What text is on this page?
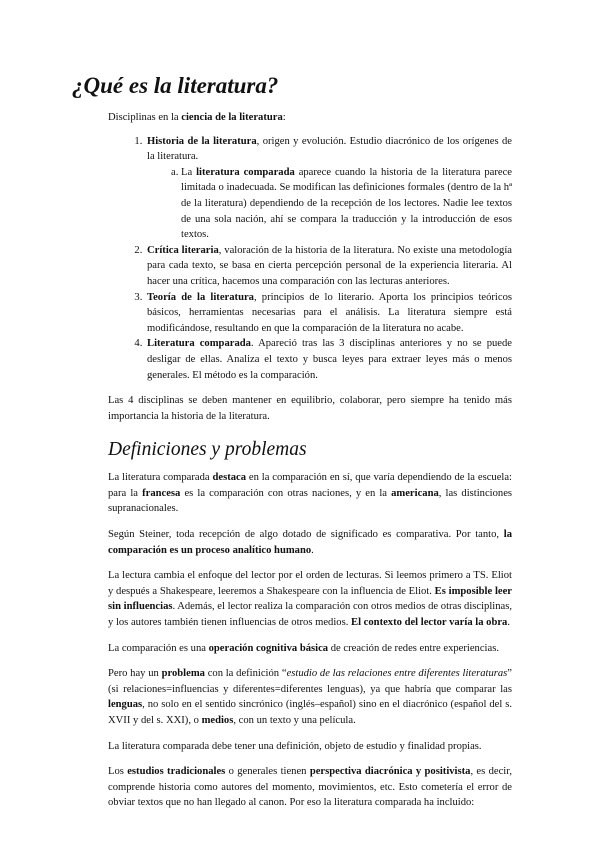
¿Qué es la literatura?

Disciplinas en la ciencia de la literatura:

1. Historia de la literatura, origen y evolución. Estudio diacrónico de los orígenes de la literatura.
a. La literatura comparada aparece cuando la historia de la literatura parece limitada o inadecuada. Se modifican las definiciones formales (dentro de la hª de la literatura) dependiendo de la recepción de los lectores. Nadie lee textos de una sola nación, ahí se compara la traducción y la introducción de esos textos.
2. Crítica literaria, valoración de la historia de la literatura. No existe una metodología para cada texto, se basa en cierta percepción personal de la experiencia literaria. Al hacer una crítica, hacemos una comparación con las lecturas anteriores.
3. Teoría de la literatura, principios de lo literario. Aporta los principios teóricos básicos, herramientas necesarias para el análisis. La literatura siempre está modificándose, resultando en que la comparación de la literatura no acabe.
4. Literatura comparada. Apareció tras las 3 disciplinas anteriores y no se puede desligar de ellas. Analiza el texto y busca leyes para extraer leyes más o menos generales. El método es la comparación.

Las 4 disciplinas se deben mantener en equilibrio, colaborar, pero siempre ha tenido más importancia la historia de la literatura.

Definiciones y problemas

La literatura comparada destaca en la comparación en sí, que varía dependiendo de la escuela: para la francesa es la comparación con otras naciones, y en la americana, las distinciones supranacionales.

Según Steiner, toda recepción de algo dotado de significado es comparativa. Por tanto, la comparación es un proceso analítico humano.

La lectura cambia el enfoque del lector por el orden de lecturas. Si leemos primero a TS. Eliot y después a Shakespeare, leeremos a Shakespeare con la influencia de Eliot. Es imposible leer sin influencias. Además, el lector realiza la comparación con otros medios de otras disciplinas, y los autores también tienen influencias de otros medios. El contexto del lector varía la obra.

La comparación es una operación cognitiva básica de creación de redes entre experiencias.

Pero hay un problema con la definición “estudio de las relaciones entre diferentes literaturas” (si relaciones=influencias y diferentes=diferentes lenguas), ya que habría que comparar las lenguas, no solo en el sentido sincrónico (inglés–español) sino en el diacrónico (español del s. XVII y del s. XXI), o medios, con un texto y una película.

La literatura comparada debe tener una definición, objeto de estudio y finalidad propias.

Los estudios tradicionales o generales tienen perspectiva diacrónica y positivista, es decir, comprende historia como autores del momento, movimientos, etc. Esto cometería el error de obviar textos que no han llegado al canon. Por eso la literatura comparada ha incluido:
